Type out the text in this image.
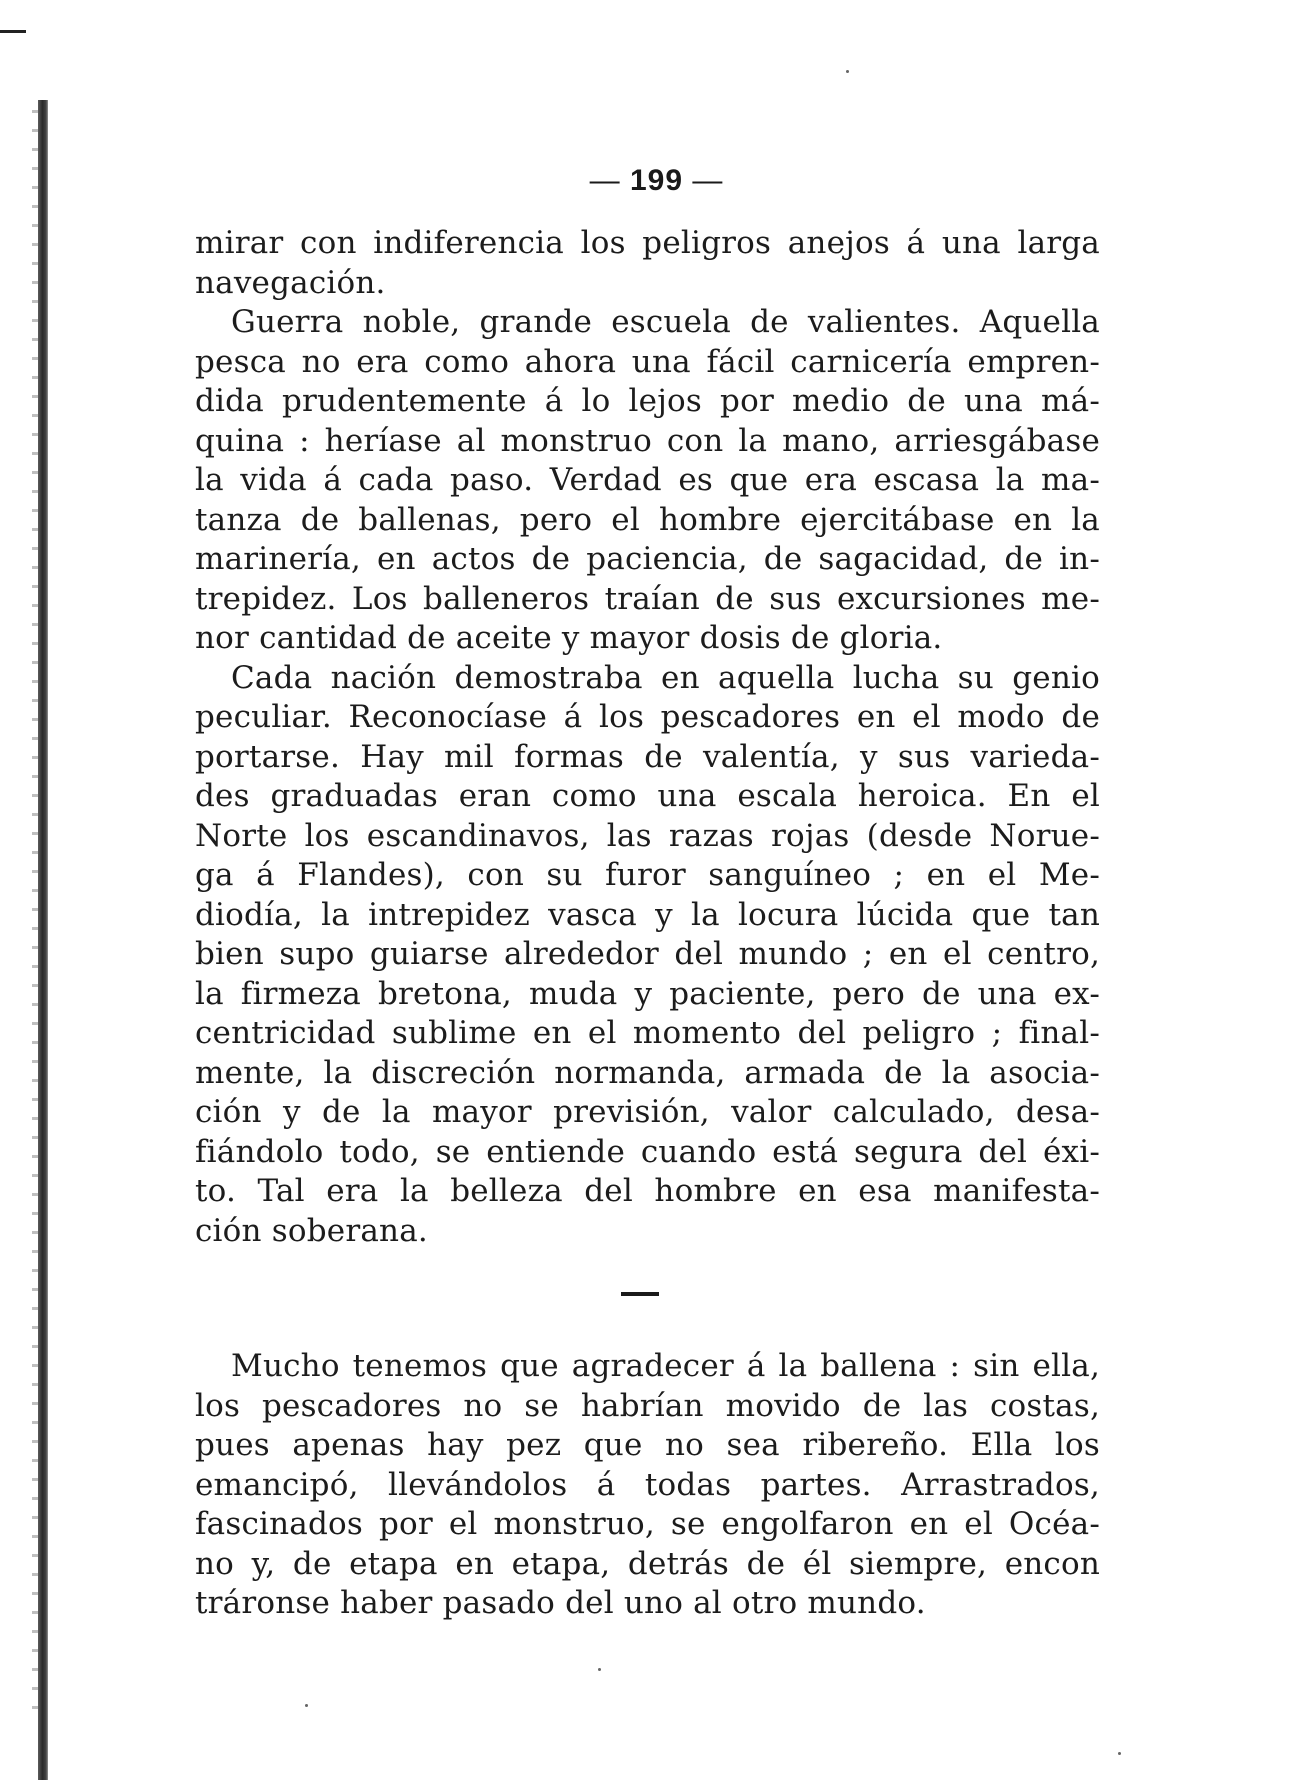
— 199 —
mirar con indiferencia los peligros anejos á una larga
navegación.
Guerra noble, grande escuela de valientes. Aquella
pesca no era como ahora una fácil carnicería empren-
dida prudentemente á lo lejos por medio de una má-
quina : heríase al monstruo con la mano, arriesgábase
la vida á cada paso. Verdad es que era escasa la ma-
tanza de ballenas, pero el hombre ejercitábase en la
marinería, en actos de paciencia, de sagacidad, de in-
trepidez. Los balleneros traían de sus excursiones me-
nor cantidad de aceite y mayor dosis de gloria.
Cada nación demostraba en aquella lucha su genio
peculiar. Reconocíase á los pescadores en el modo de
portarse. Hay mil formas de valentía, y sus varieda-
des graduadas eran como una escala heroica. En el
Norte los escandinavos, las razas rojas (desde Norue-
ga á Flandes), con su furor sanguíneo ; en el Me-
diodía, la intrepidez vasca y la locura lúcida que tan
bien supo guiarse alrededor del mundo ; en el centro,
la firmeza bretona, muda y paciente, pero de una ex-
centricidad sublime en el momento del peligro ; final-
mente, la discreción normanda, armada de la asocia-
ción y de la mayor previsión, valor calculado, desa-
fiándolo todo, se entiende cuando está segura del éxi-
to. Tal era la belleza del hombre en esa manifesta-
ción soberana.
Mucho tenemos que agradecer á la ballena : sin ella,
los pescadores no se habrían movido de las costas,
pues apenas hay pez que no sea ribereño. Ella los
emancipó, llevándolos á todas partes. Arrastrados,
fascinados por el monstruo, se engolfaron en el Océa-
no y, de etapa en etapa, detrás de él siempre, encon
tráronse haber pasado del uno al otro mundo.
